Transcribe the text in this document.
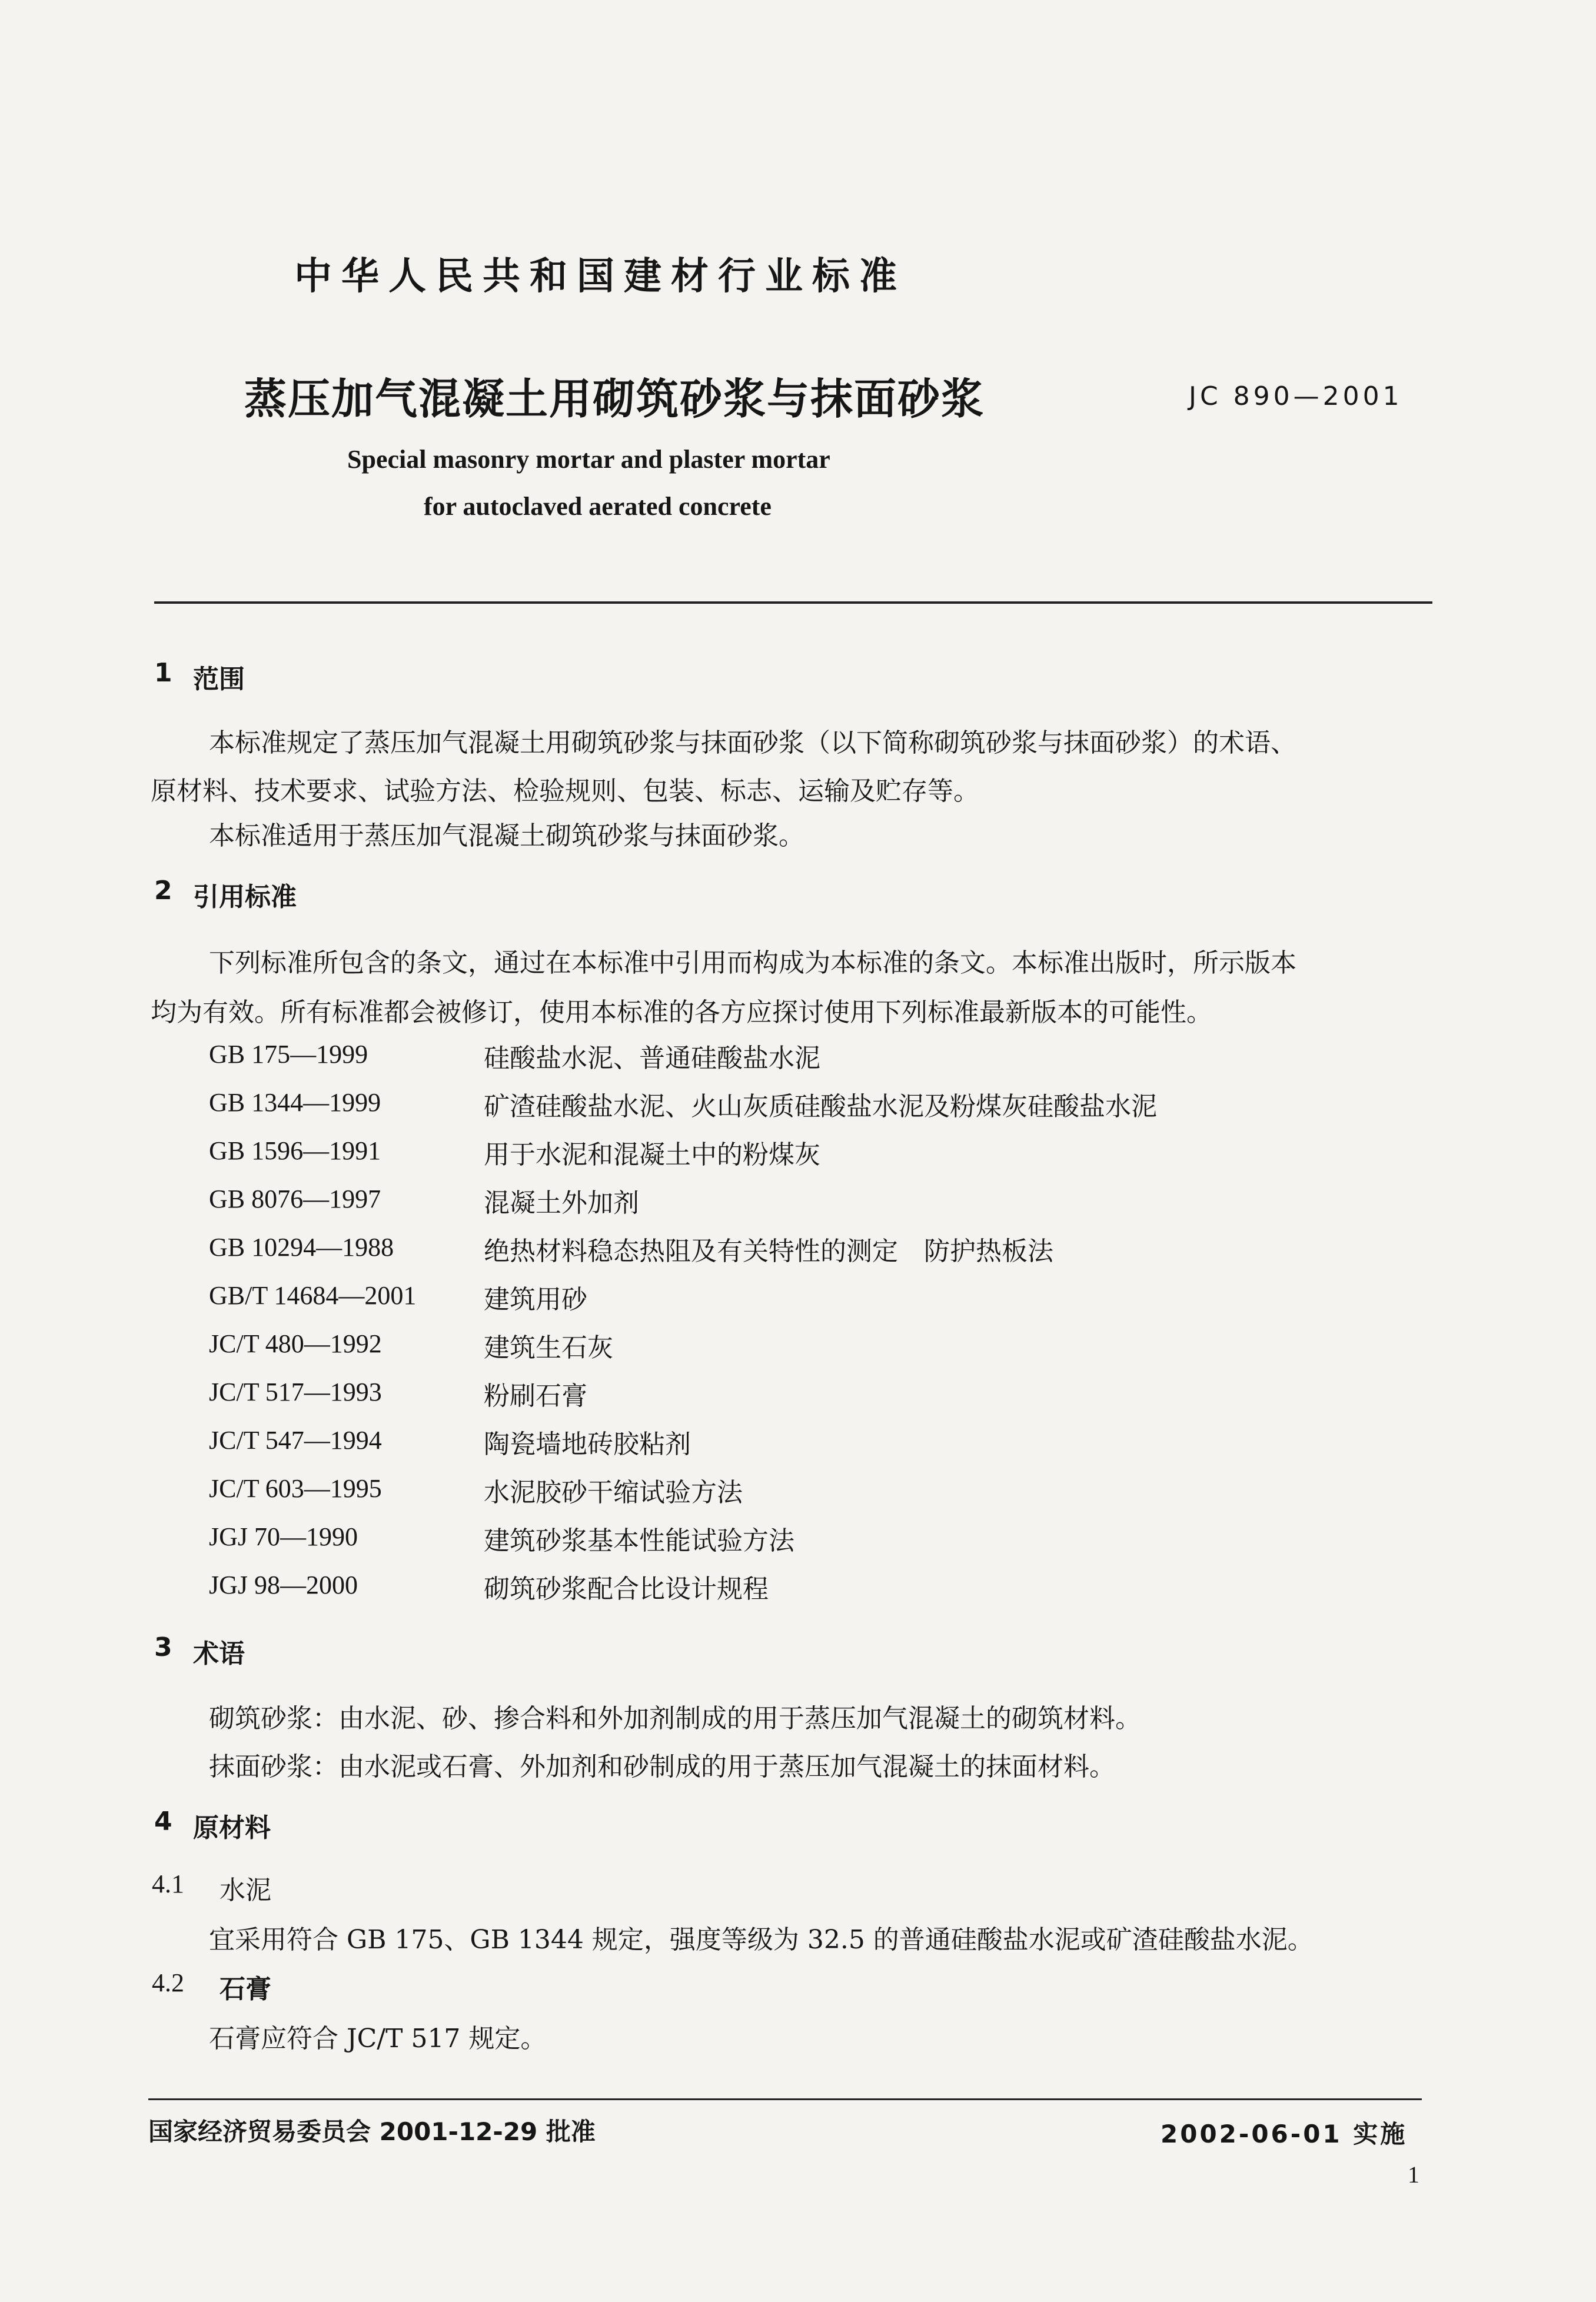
中华人民共和国建材行业标准
蒸压加气混凝土用砌筑砂浆与抹面砂浆	JC 890—2001
Special masonry mortar and plaster mortar
for autoclaved aerated concrete
1 范围
本标准规定了蒸压加气混凝土用砌筑砂浆与抹面砂浆（以下简称砌筑砂浆与抹面砂浆）的术语、
原材料、技术要求、试验方法、检验规则、包装、标志、运输及贮存等。
本标准适用于蒸压加气混凝土砌筑砂浆与抹面砂浆。
2 引用标准
下列标准所包含的条文，通过在本标准中引用而构成为本标准的条文。本标准出版时，所示版本
均为有效。所有标准都会被修订，使用本标准的各方应探讨使用下列标准最新版本的可能性。
GB 175—1999	硅酸盐水泥、普通硅酸盐水泥
GB 1344—1999	矿渣硅酸盐水泥、火山灰质硅酸盐水泥及粉煤灰硅酸盐水泥
GB 1596—1991	用于水泥和混凝土中的粉煤灰
GB 8076—1997	混凝土外加剂
GB 10294—1988	绝热材料稳态热阻及有关特性的测定　防护热板法
GB/T 14684—2001	建筑用砂
JC/T 480—1992	建筑生石灰
JC/T 517—1993	粉刷石膏
JC/T 547—1994	陶瓷墙地砖胶粘剂
JC/T 603—1995	水泥胶砂干缩试验方法
JGJ 70—1990	建筑砂浆基本性能试验方法
JGJ 98—2000	砌筑砂浆配合比设计规程
3 术语
砌筑砂浆：由水泥、砂、掺合料和外加剂制成的用于蒸压加气混凝土的砌筑材料。
抹面砂浆：由水泥或石膏、外加剂和砂制成的用于蒸压加气混凝土的抹面材料。
4 原材料
4.1 水泥
宜采用符合 GB 175、GB 1344 规定，强度等级为 32.5 的普通硅酸盐水泥或矿渣硅酸盐水泥。
4.2 石膏
石膏应符合 JC/T 517 规定。
国家经济贸易委员会 2001-12-29 批准	2002-06-01 实施
1
